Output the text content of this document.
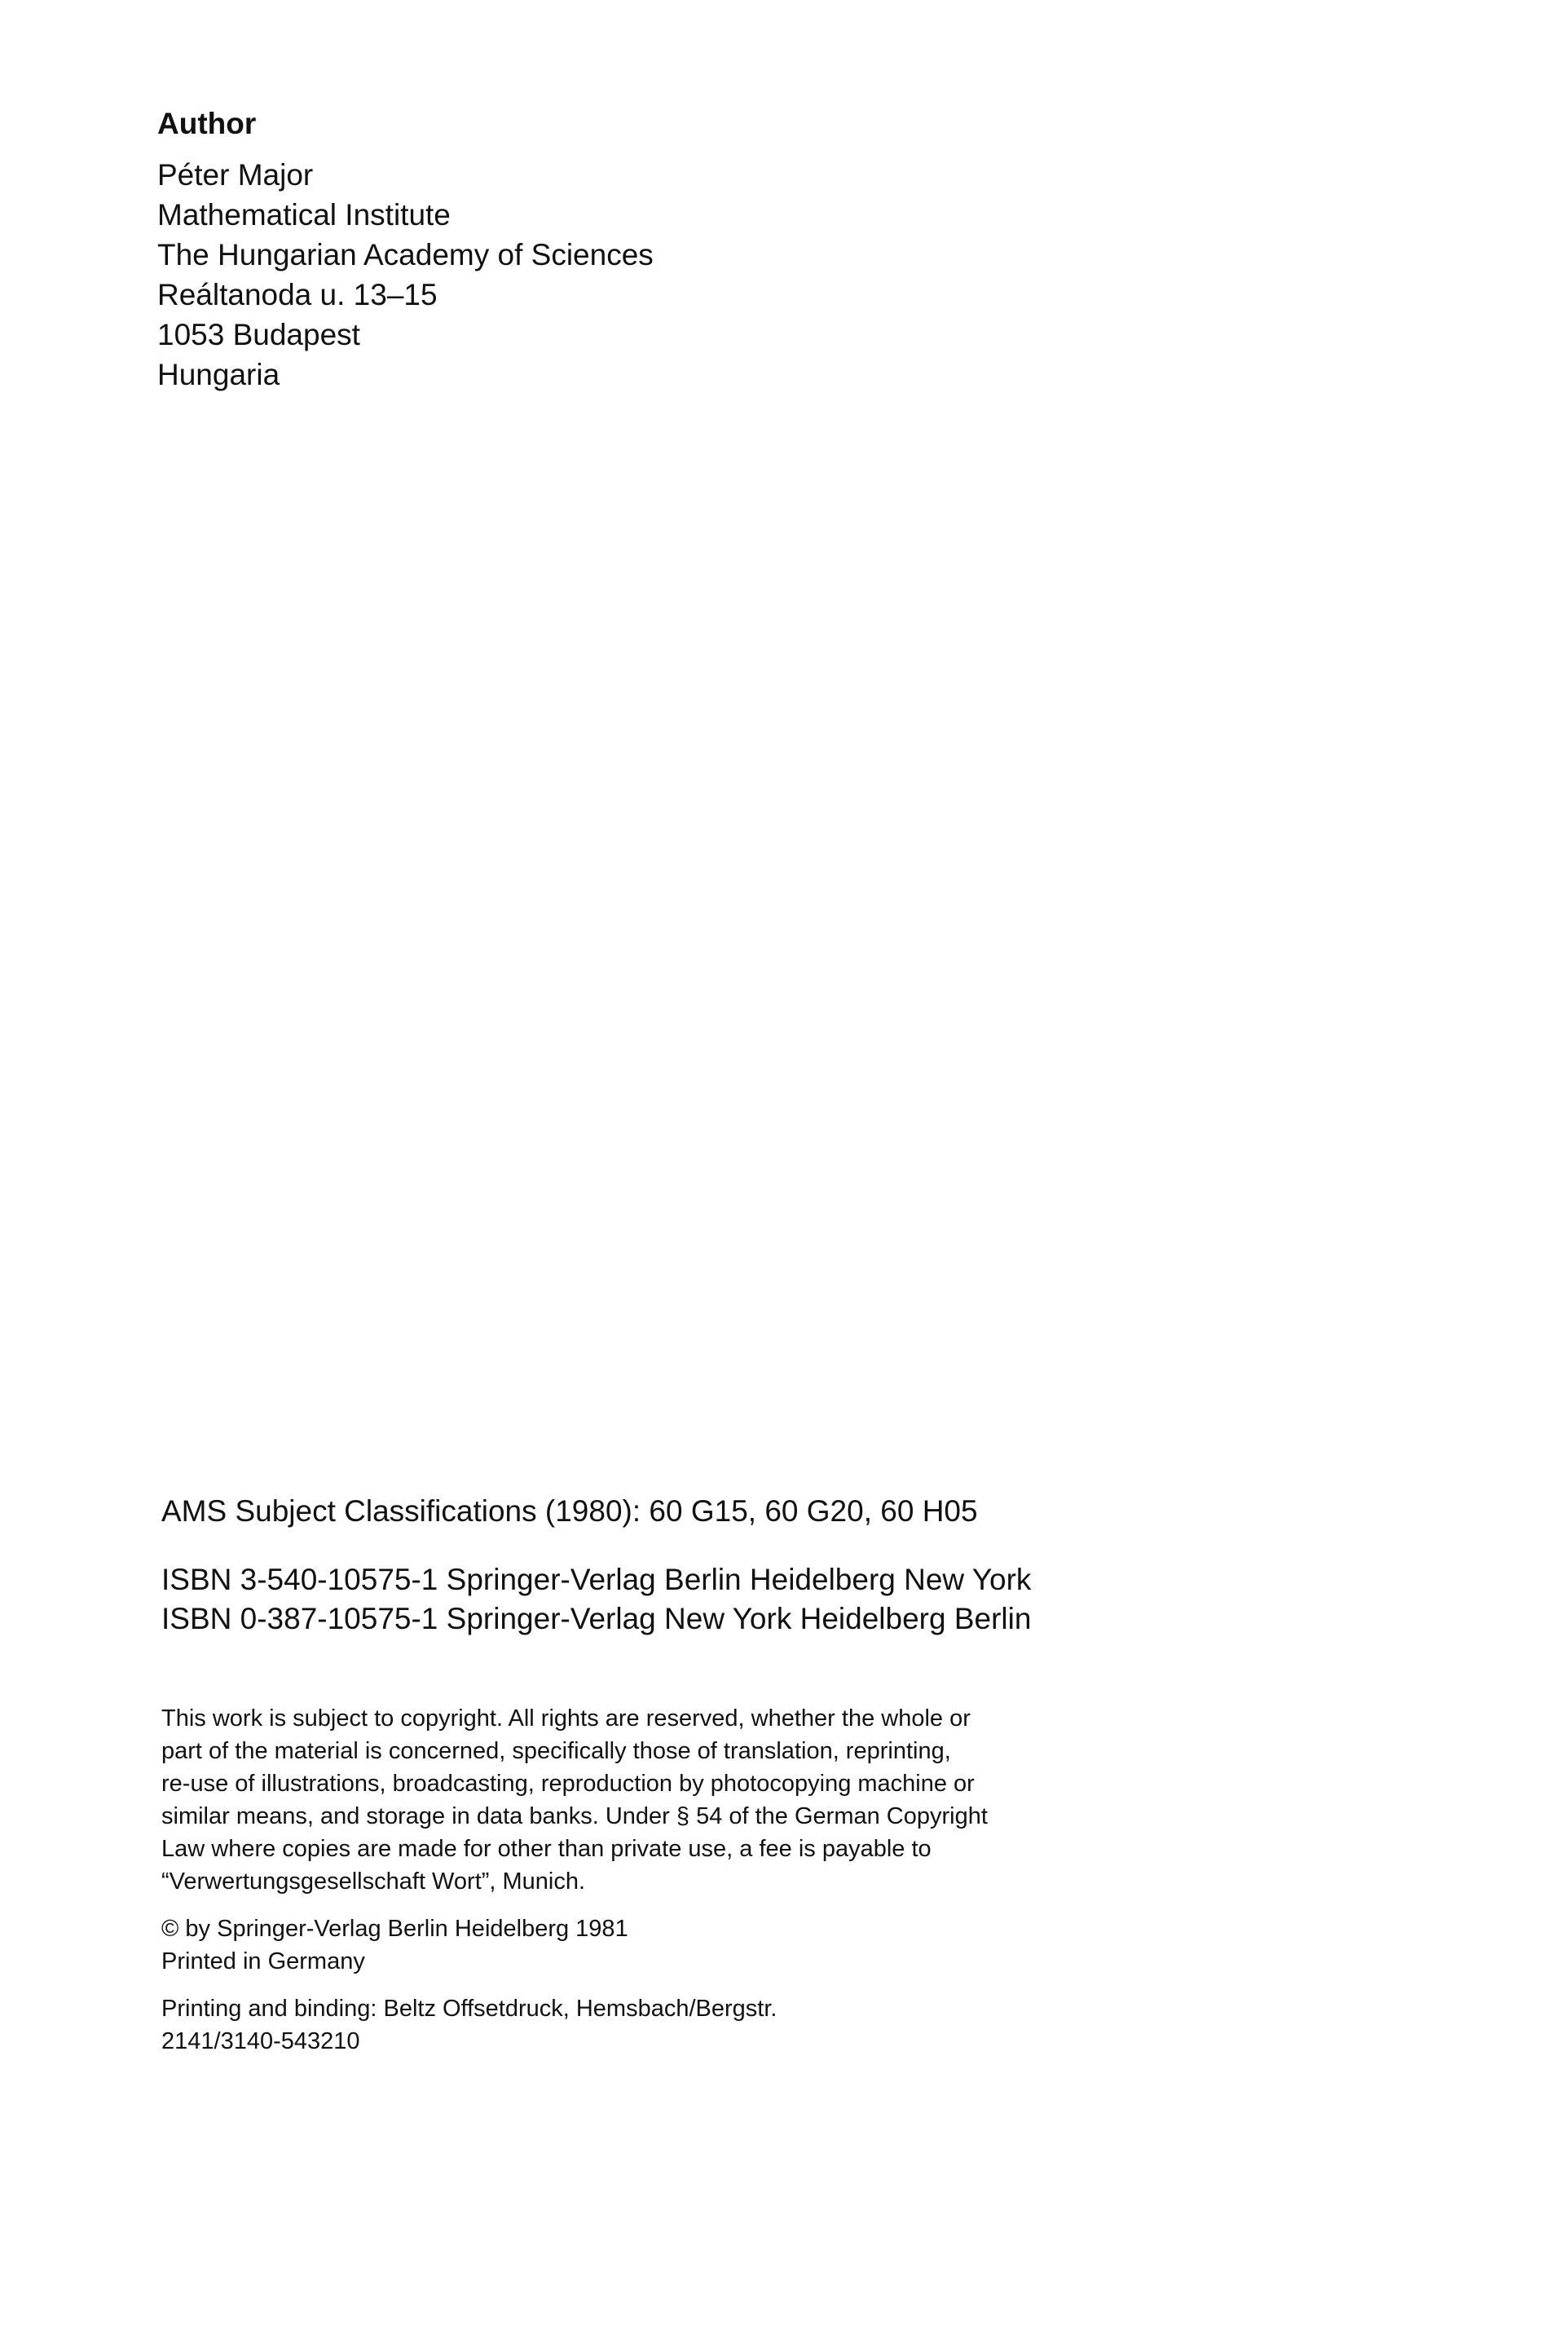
Author
Péter Major
Mathematical Institute
The Hungarian Academy of Sciences
Reáltanoda u. 13–15
1053 Budapest
Hungaria
AMS Subject Classifications (1980): 60 G15, 60 G20, 60 H05
ISBN 3-540-10575-1 Springer-Verlag Berlin Heidelberg New York
ISBN 0-387-10575-1 Springer-Verlag New York Heidelberg Berlin

This work is subject to copyright. All rights are reserved, whether the whole or
part of the material is concerned, specifically those of translation, reprinting,
re-use of illustrations, broadcasting, reproduction by photocopying machine or
similar means, and storage in data banks. Under § 54 of the German Copyright
Law where copies are made for other than private use, a fee is payable to
“Verwertungsgesellschaft Wort”, Munich.

© by Springer-Verlag Berlin Heidelberg 1981
Printed in Germany

Printing and binding: Beltz Offsetdruck, Hemsbach/Bergstr.
2141/3140-543210
